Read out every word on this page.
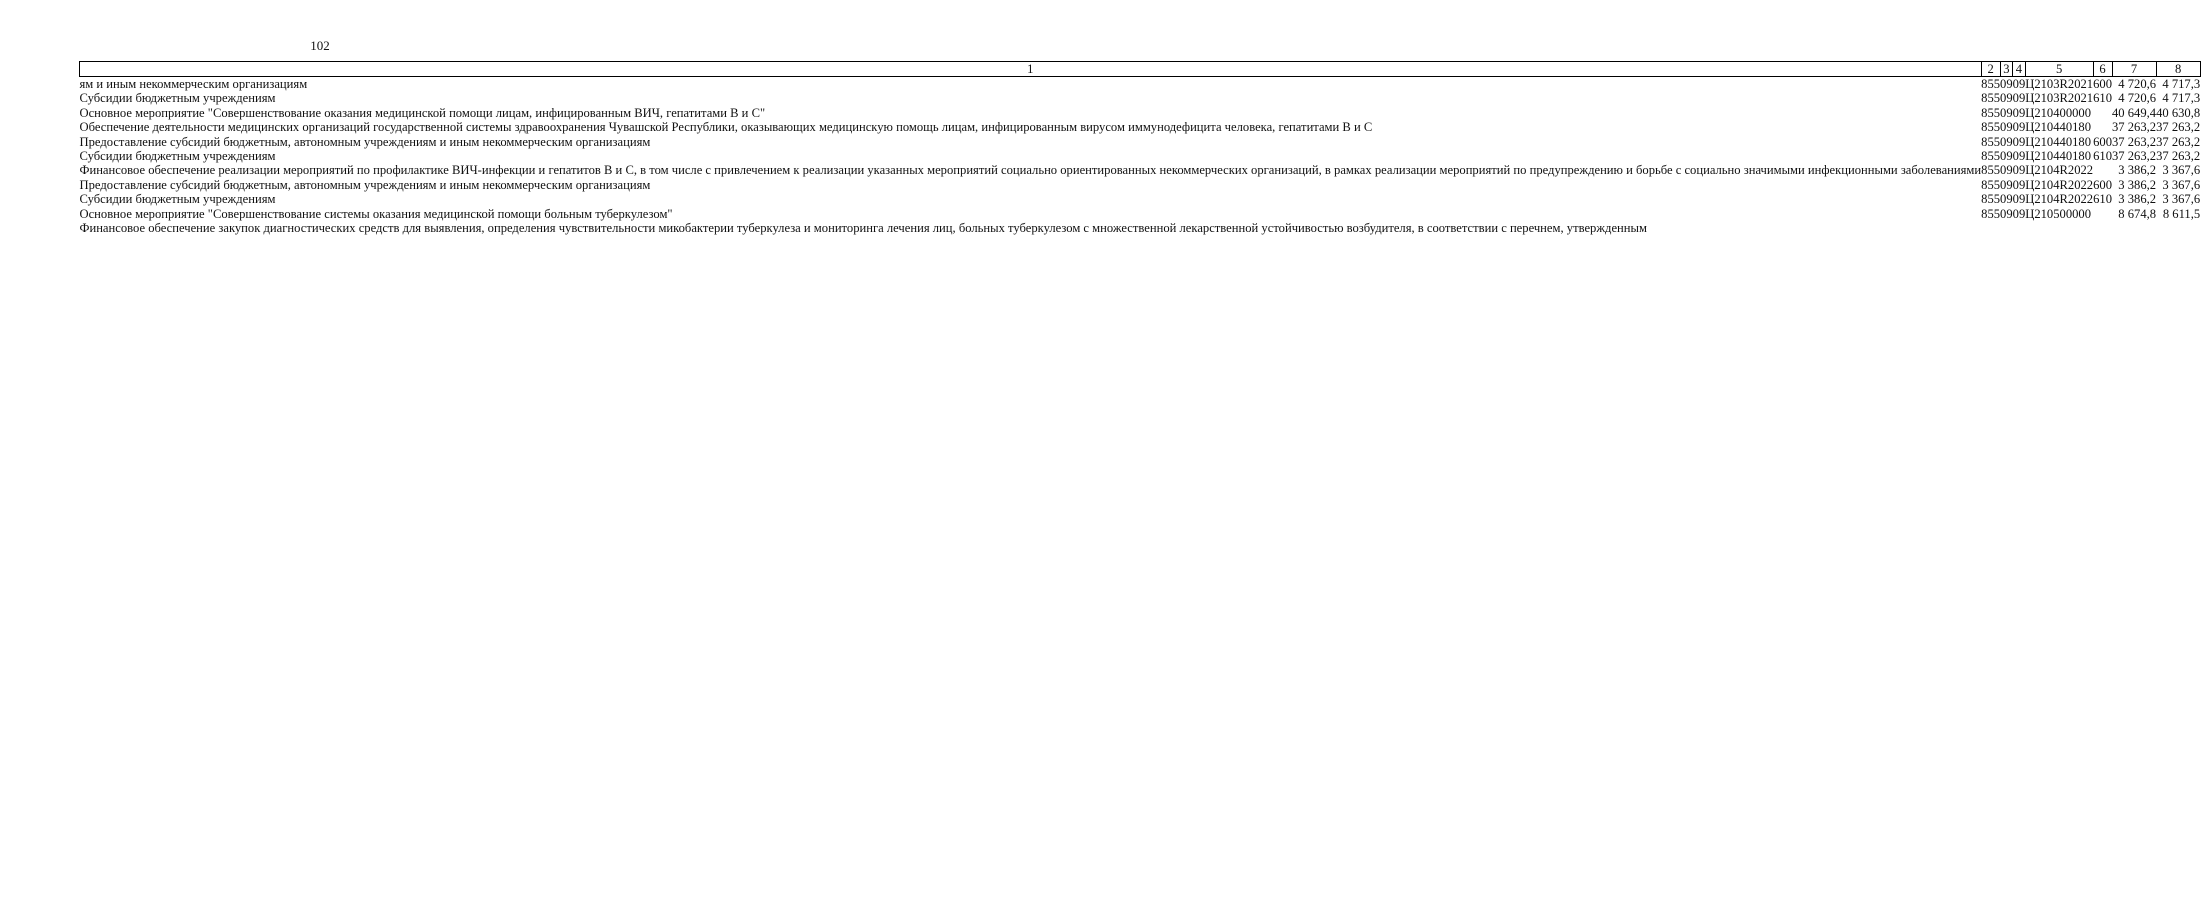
102
1	2	3	4	5	6	7	8
ям и иным некоммерческим организациям	855	09	09	Ц2103R2021	600	4 720,6	4 717,3
Субсидии бюджетным учреждениям	855	09	09	Ц2103R2021	610	4 720,6	4 717,3
Основное мероприятие "Совершенствование оказания медицинской помощи лицам, инфицированным ВИЧ, гепатитами В и С"	855	09	09	Ц210400000		40 649,4	40 630,8
Обеспечение деятельности медицинских организаций государственной системы здравоохранения Чувашской Республики, оказывающих медицинскую помощь лицам, инфицированным вирусом иммунодефицита человека, гепатитами В и С	855	09	09	Ц210440180		37 263,2	37 263,2
Предоставление субсидий бюджетным, автономным учреждениям и иным некоммерческим организациям	855	09	09	Ц210440180	600	37 263,2	37 263,2
Субсидии бюджетным учреждениям	855	09	09	Ц210440180	610	37 263,2	37 263,2
Финансовое обеспечение реализации мероприятий по профилактике ВИЧ-инфекции и гепатитов В и С, в том числе с привлечением к реализации указанных мероприятий социально ориентированных некоммерческих организаций, в рамках реализации мероприятий по предупреждению и борьбе с социально значимыми инфекционными заболеваниями	855	09	09	Ц2104R2022		3 386,2	3 367,6
Предоставление субсидий бюджетным, автономным учреждениям и иным некоммерческим организациям	855	09	09	Ц2104R2022	600	3 386,2	3 367,6
Субсидии бюджетным учреждениям	855	09	09	Ц2104R2022	610	3 386,2	3 367,6
Основное мероприятие "Совершенствование системы оказания медицинской помощи больным туберкулезом"	855	09	09	Ц210500000		8 674,8	8 611,5
Финансовое обеспечение закупок диагностических средств для выявления, определения чувствительности микобактерии туберкулеза и мониторинга лечения лиц, больных туберкулезом с множественной лекарственной устойчивостью возбудителя, в соответствии с перечнем, утвержденным							
